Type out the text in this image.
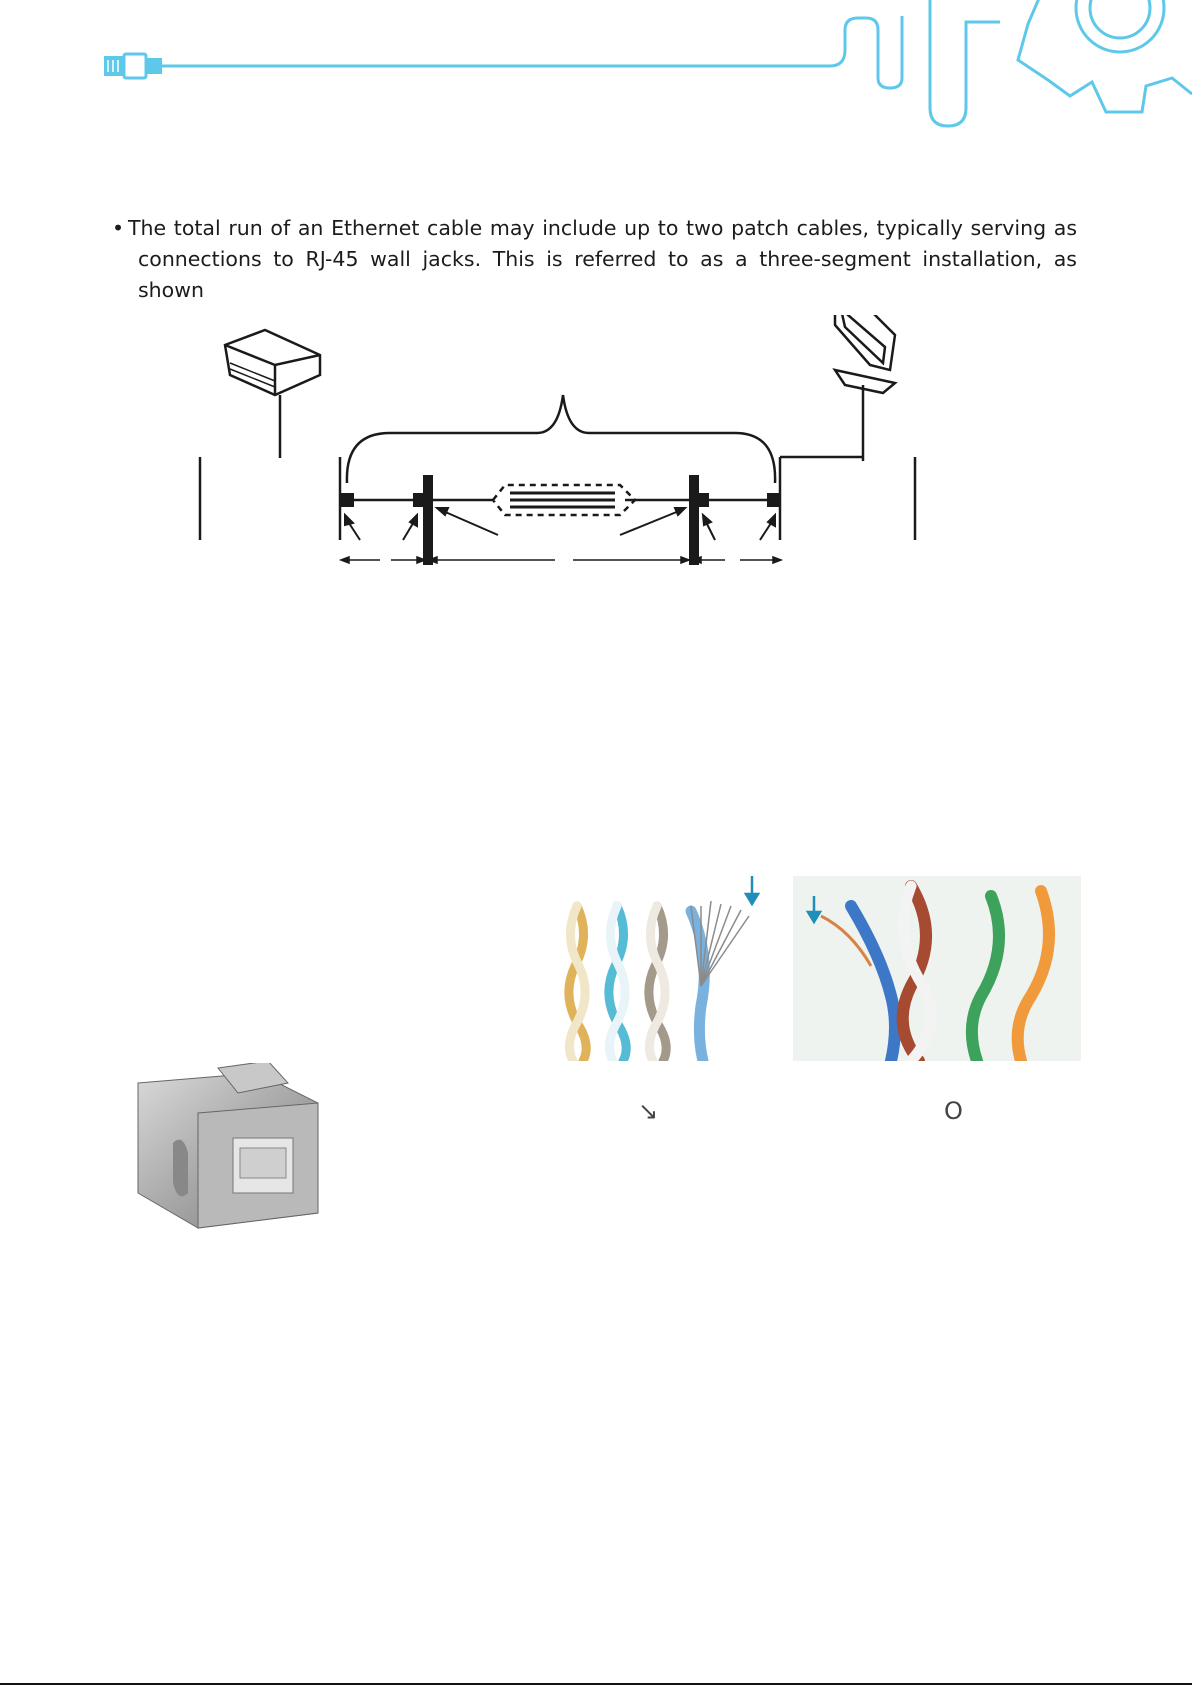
• The total run of an Ethernet cable may include up to two patch cables, typically serving as
connections to RJ-45 wall jacks. This is referred to as a three-segment installation, as shown
↘	O
